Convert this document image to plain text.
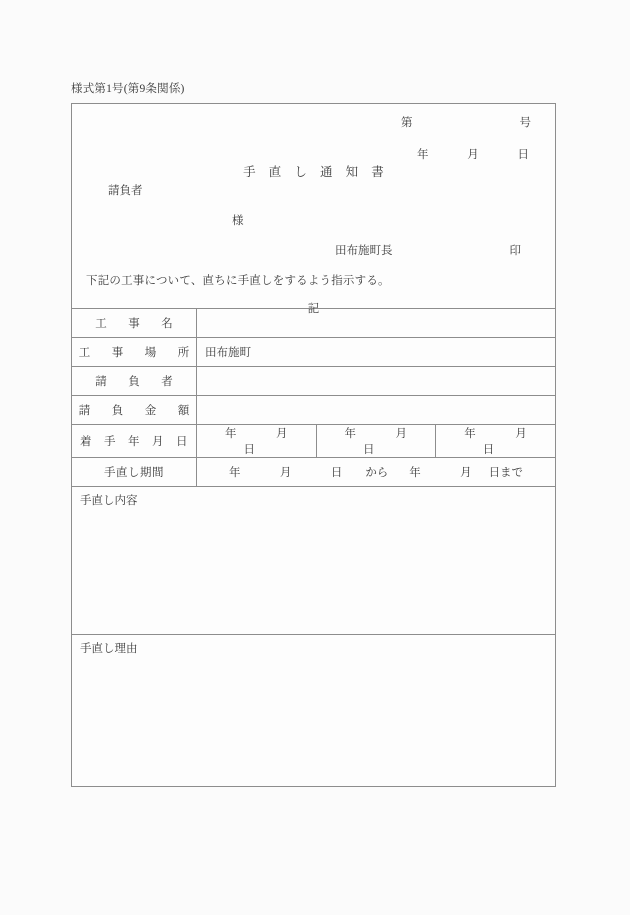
様式第1号(第9条関係)
第	号
年	月	日
手 直 し 通 知 書
請負者
様
田布施町長	印
下記の工事について、直ちに手直しをするよう指示する。
記
工　事　名			
工　事　場　所	田布施町		
請　負　者			
請　負　金　額			
着　手　年　月　日	年　月　日	年　月　日	年　月　日
手直し期間	年　月　日 から 年　月 日まで		
手直し内容
手直し理由
